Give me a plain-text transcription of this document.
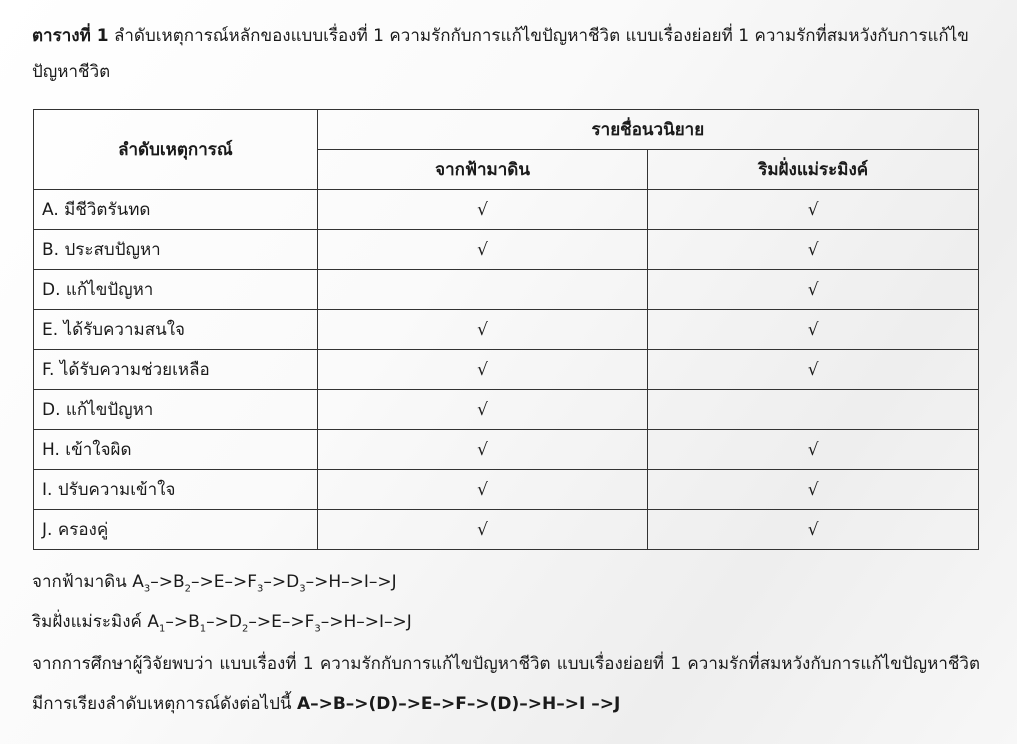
ตารางที่ 1 ลำดับเหตุการณ์หลักของแบบเรื่องที่ 1 ความรักกับการแก้ไขปัญหาชีวิต แบบเรื่องย่อยที่ 1 ความรักที่สมหวังกับการแก้ไขปัญหาชีวิต
ลำดับเหตุการณ์	รายชื่อนวนิยาย	
	จากฟ้ามาดิน	ริมฝั่งแม่ระมิงค์
A. มีชีวิตรันทด	√	√
B. ประสบปัญหา	√	√
D. แก้ไขปัญหา		√
E. ได้รับความสนใจ	√	√
F. ได้รับความช่วยเหลือ	√	√
D. แก้ไขปัญหา	√	
H. เข้าใจผิด	√	√
I. ปรับความเข้าใจ	√	√
J. ครองคู่	√	√
จากฟ้ามาดิน $A_3->B_2->E->F_3->D_3->H->I->J$
ริมฝั่งแม่ระมิงค์ $A_1->B_1->D_2->E->F_3->H->I->J$
จากการศึกษาผู้วิจัยพบว่า แบบเรื่องที่ 1 ความรักกับการแก้ไขปัญหาชีวิต แบบเรื่องย่อยที่ 1 ความรักที่สมหวังกับการแก้ไขปัญหาชีวิต มีการเรียงลำดับเหตุการณ์ดังต่อไปนี้ A–>B–>(D)–>E–>F–>(D)–>H–>I –>J
